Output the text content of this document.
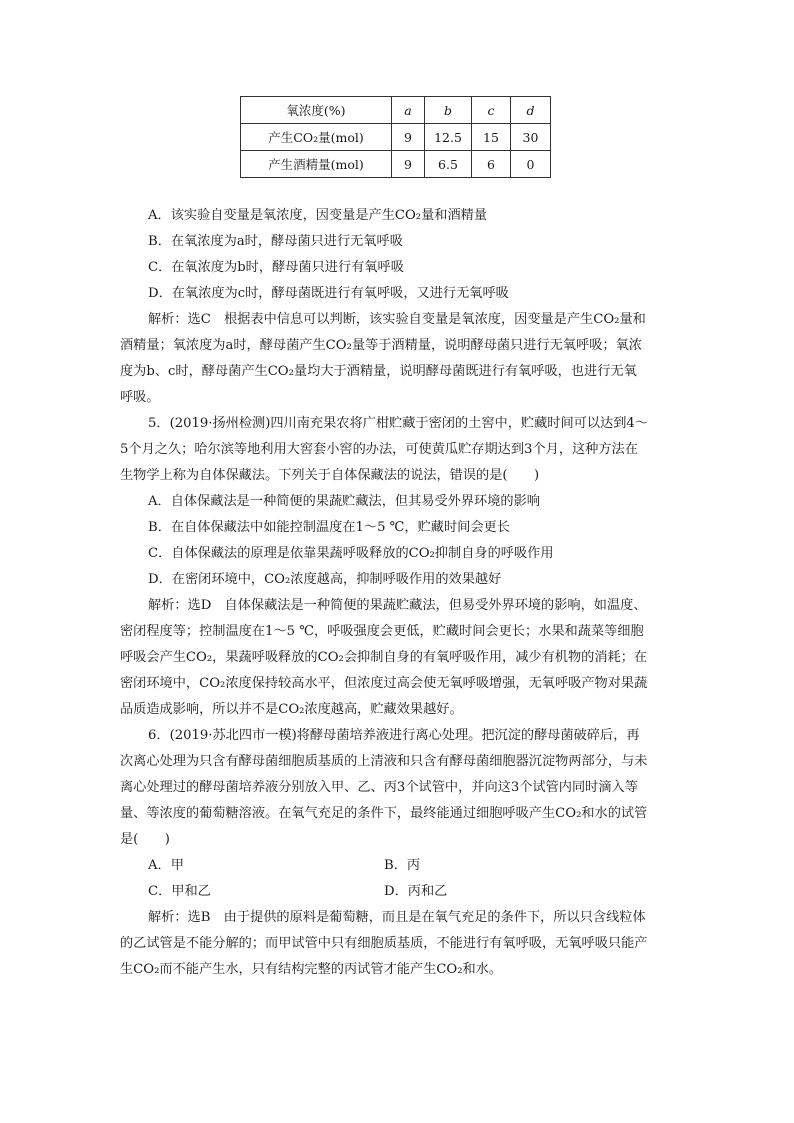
氧浓度(%)	a	b	c	d
产生CO₂量(mol)	9	12.5	15	30
产生酒精量(mol)	9	6.5	6	0
A．该实验自变量是氧浓度，因变量是产生CO₂量和酒精量
B．在氧浓度为a时，酵母菌只进行无氧呼吸
C．在氧浓度为b时，酵母菌只进行有氧呼吸
D．在氧浓度为c时，酵母菌既进行有氧呼吸，又进行无氧呼吸
解析：选C　根据表中信息可以判断，该实验自变量是氧浓度，因变量是产生CO₂量和
酒精量；氧浓度为a时，酵母菌产生CO₂量等于酒精量，说明酵母菌只进行无氧呼吸；氧浓
度为b、c时，酵母菌产生CO₂量均大于酒精量，说明酵母菌既进行有氧呼吸，也进行无氧
呼吸。
5．(2019·扬州检测)四川南充果农将广柑贮藏于密闭的土窖中，贮藏时间可以达到4～
5个月之久；哈尔滨等地利用大窖套小窖的办法，可使黄瓜贮存期达到3个月，这种方法在
生物学上称为自体保藏法。下列关于自体保藏法的说法，错误的是(　　)
A．自体保藏法是一种简便的果蔬贮藏法，但其易受外界环境的影响
B．在自体保藏法中如能控制温度在1～5 ℃，贮藏时间会更长
C．自体保藏法的原理是依靠果蔬呼吸释放的CO₂抑制自身的呼吸作用
D．在密闭环境中，CO₂浓度越高，抑制呼吸作用的效果越好
解析：选D　自体保藏法是一种简便的果蔬贮藏法，但易受外界环境的影响，如温度、
密闭程度等；控制温度在1～5 ℃，呼吸强度会更低，贮藏时间会更长；水果和蔬菜等细胞
呼吸会产生CO₂，果蔬呼吸释放的CO₂会抑制自身的有氧呼吸作用，减少有机物的消耗；在
密闭环境中，CO₂浓度保持较高水平，但浓度过高会使无氧呼吸增强，无氧呼吸产物对果蔬
品质造成影响，所以并不是CO₂浓度越高，贮藏效果越好。
6．(2019·苏北四市一模)将酵母菌培养液进行离心处理。把沉淀的酵母菌破碎后，再
次离心处理为只含有酵母菌细胞质基质的上清液和只含有酵母菌细胞器沉淀物两部分，与未
离心处理过的酵母菌培养液分别放入甲、乙、丙3个试管中，并向这3个试管内同时滴入等
量、等浓度的葡萄糖溶液。在氧气充足的条件下，最终能通过细胞呼吸产生CO₂和水的试管
是(　　)
A．甲	B．丙
C．甲和乙	D．丙和乙
解析：选B　由于提供的原料是葡萄糖，而且是在氧气充足的条件下，所以只含线粒体
的乙试管是不能分解的；而甲试管中只有细胞质基质，不能进行有氧呼吸，无氧呼吸只能产
生CO₂而不能产生水，只有结构完整的丙试管才能产生CO₂和水。
